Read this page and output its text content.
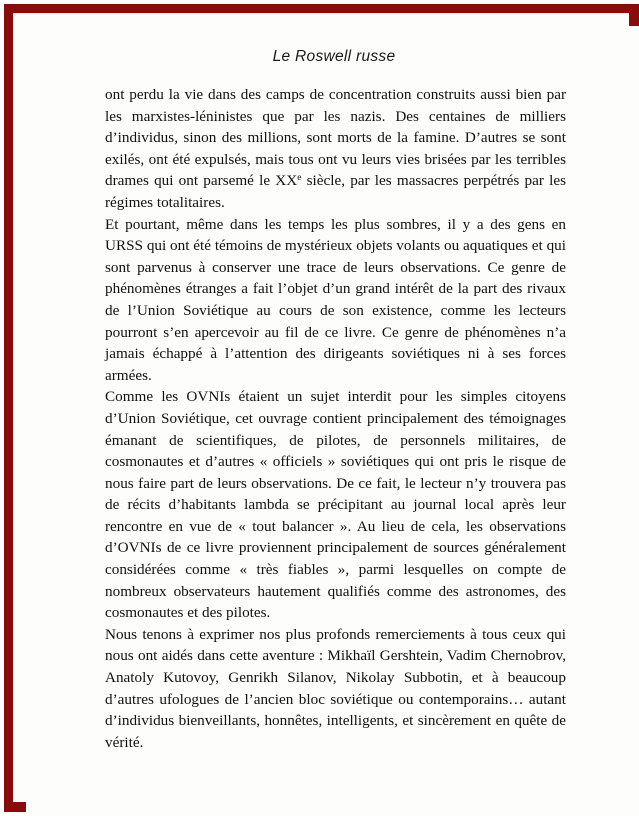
Le Roswell russe

ont perdu la vie dans des camps de concentration construits aussi bien par les marxistes-léninistes que par les nazis. Des centaines de milliers d’individus, sinon des millions, sont morts de la famine. D’autres se sont exilés, ont été expulsés, mais tous ont vu leurs vies brisées par les terribles drames qui ont parsemé le XXe siècle, par les massacres perpétrés par les régimes totalitaires.

Et pourtant, même dans les temps les plus sombres, il y a des gens en URSS qui ont été témoins de mystérieux objets volants ou aquatiques et qui sont parvenus à conserver une trace de leurs observations. Ce genre de phénomènes étranges a fait l’objet d’un grand intérêt de la part des rivaux de l’Union Soviétique au cours de son existence, comme les lecteurs pourront s’en apercevoir au fil de ce livre. Ce genre de phénomènes n’a jamais échappé à l’attention des dirigeants soviétiques ni à ses forces armées.

Comme les OVNIs étaient un sujet interdit pour les simples citoyens d’Union Soviétique, cet ouvrage contient principalement des témoignages émanant de scientifiques, de pilotes, de personnels militaires, de cosmonautes et d’autres « officiels » soviétiques qui ont pris le risque de nous faire part de leurs observations. De ce fait, le lecteur n’y trouvera pas de récits d’habitants lambda se précipitant au journal local après leur rencontre en vue de « tout balancer ». Au lieu de cela, les observations d’OVNIs de ce livre proviennent principalement de sources généralement considérées comme « très fiables », parmi lesquelles on compte de nombreux observateurs hautement qualifiés comme des astronomes, des cosmonautes et des pilotes.

Nous tenons à exprimer nos plus profonds remerciements à tous ceux qui nous ont aidés dans cette aventure : Mikhaïl Gershtein, Vadim Chernobrov, Anatoly Kutovoy, Genrikh Silanov, Nikolay Subbotin, et à beaucoup d’autres ufologues de l’ancien bloc soviétique ou contemporains… autant d’individus bienveillants, honnêtes, intelligents, et sincèrement en quête de vérité.
